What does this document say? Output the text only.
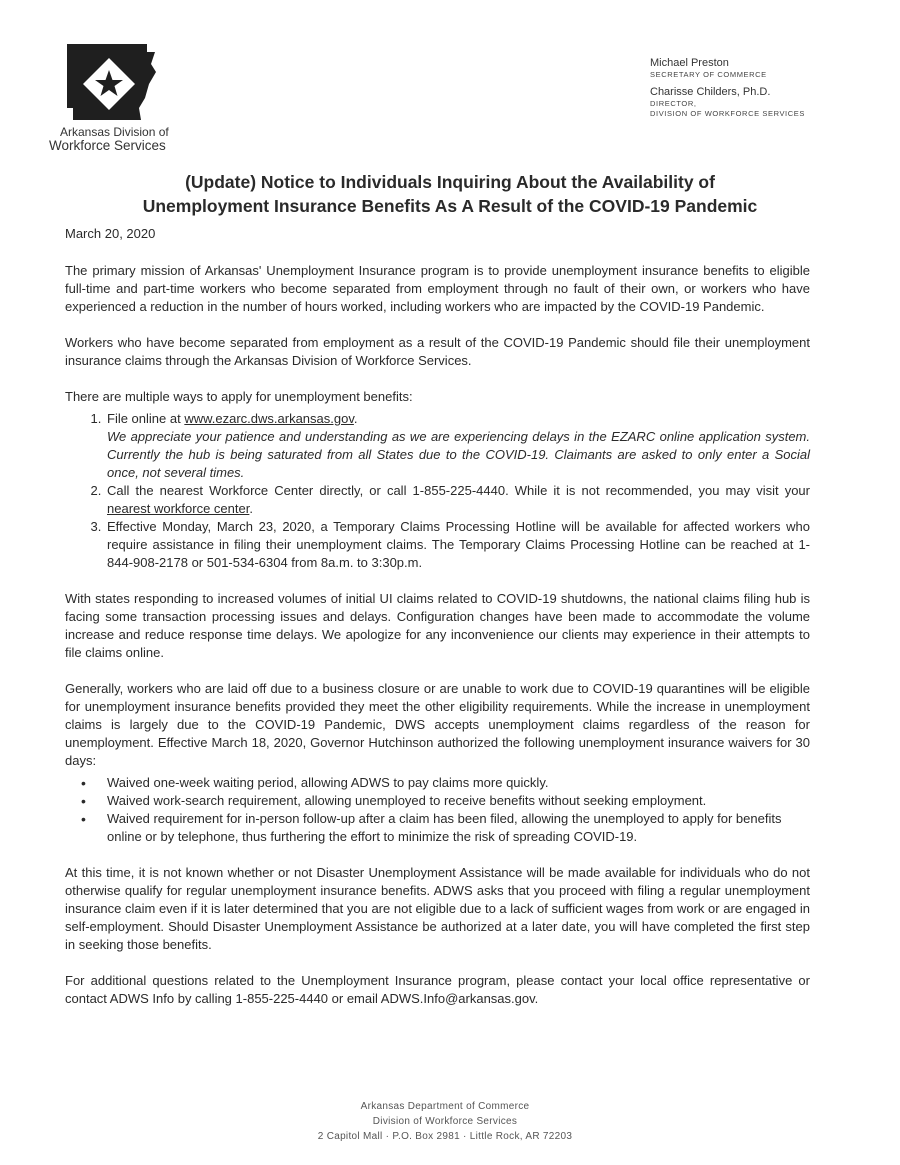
Arkansas Division of
Workforce Services
Michael Preston
SECRETARY OF COMMERCE
Charisse Childers, Ph.D.
DIRECTOR,
DIVISION OF WORKFORCE SERVICES
(Update) Notice to Individuals Inquiring About the Availability of
Unemployment Insurance Benefits As A Result of the COVID-19 Pandemic
March 20, 2020

The primary mission of Arkansas' Unemployment Insurance program is to provide unemployment insurance benefits to eligible full-time and part-time workers who become separated from employment through no fault of their own, or workers who have experienced a reduction in the number of hours worked, including workers who are impacted by the COVID-19 Pandemic.

Workers who have become separated from employment as a result of the COVID-19 Pandemic should file their unemployment insurance claims through the Arkansas Division of Workforce Services.

There are multiple ways to apply for unemployment benefits:

1. File online at www.ezarc.dws.arkansas.gov.
We appreciate your patience and understanding as we are experiencing delays in the EZARC online application system. Currently the hub is being saturated from all States due to the COVID-19. Claimants are asked to only enter a Social once, not several times.
2. Call the nearest Workforce Center directly, or call 1-855-225-4440. While it is not recommended, you may visit your nearest workforce center.
3. Effective Monday, March 23, 2020, a Temporary Claims Processing Hotline will be available for affected workers who require assistance in filing their unemployment claims. The Temporary Claims Processing Hotline can be reached at 1-844-908-2178 or 501-534-6304 from 8a.m. to 3:30p.m.

With states responding to increased volumes of initial UI claims related to COVID-19 shutdowns, the national claims filing hub is facing some transaction processing issues and delays. Configuration changes have been made to accommodate the volume increase and reduce response time delays. We apologize for any inconvenience our clients may experience in their attempts to file claims online.

Generally, workers who are laid off due to a business closure or are unable to work due to COVID-19 quarantines will be eligible for unemployment insurance benefits provided they meet the other eligibility requirements. While the increase in unemployment claims is largely due to the COVID-19 Pandemic, DWS accepts unemployment claims regardless of the reason for unemployment. Effective March 18, 2020, Governor Hutchinson authorized the following unemployment insurance waivers for 30 days:

• Waived one-week waiting period, allowing ADWS to pay claims more quickly.
• Waived work-search requirement, allowing unemployed to receive benefits without seeking employment.
• Waived requirement for in-person follow-up after a claim has been filed, allowing the unemployed to apply for benefits online or by telephone, thus furthering the effort to minimize the risk of spreading COVID-19.

At this time, it is not known whether or not Disaster Unemployment Assistance will be made available for individuals who do not otherwise qualify for regular unemployment insurance benefits. ADWS asks that you proceed with filing a regular unemployment insurance claim even if it is later determined that you are not eligible due to a lack of sufficient wages from work or are engaged in self-employment. Should Disaster Unemployment Assistance be authorized at a later date, you will have completed the first step in seeking those benefits.

For additional questions related to the Unemployment Insurance program, please contact your local office representative or contact ADWS Info by calling 1-855-225-4440 or email ADWS.Info@arkansas.gov.

Arkansas Department of Commerce
Division of Workforce Services
2 Capitol Mall · P.O. Box 2981 · Little Rock, AR 72203
